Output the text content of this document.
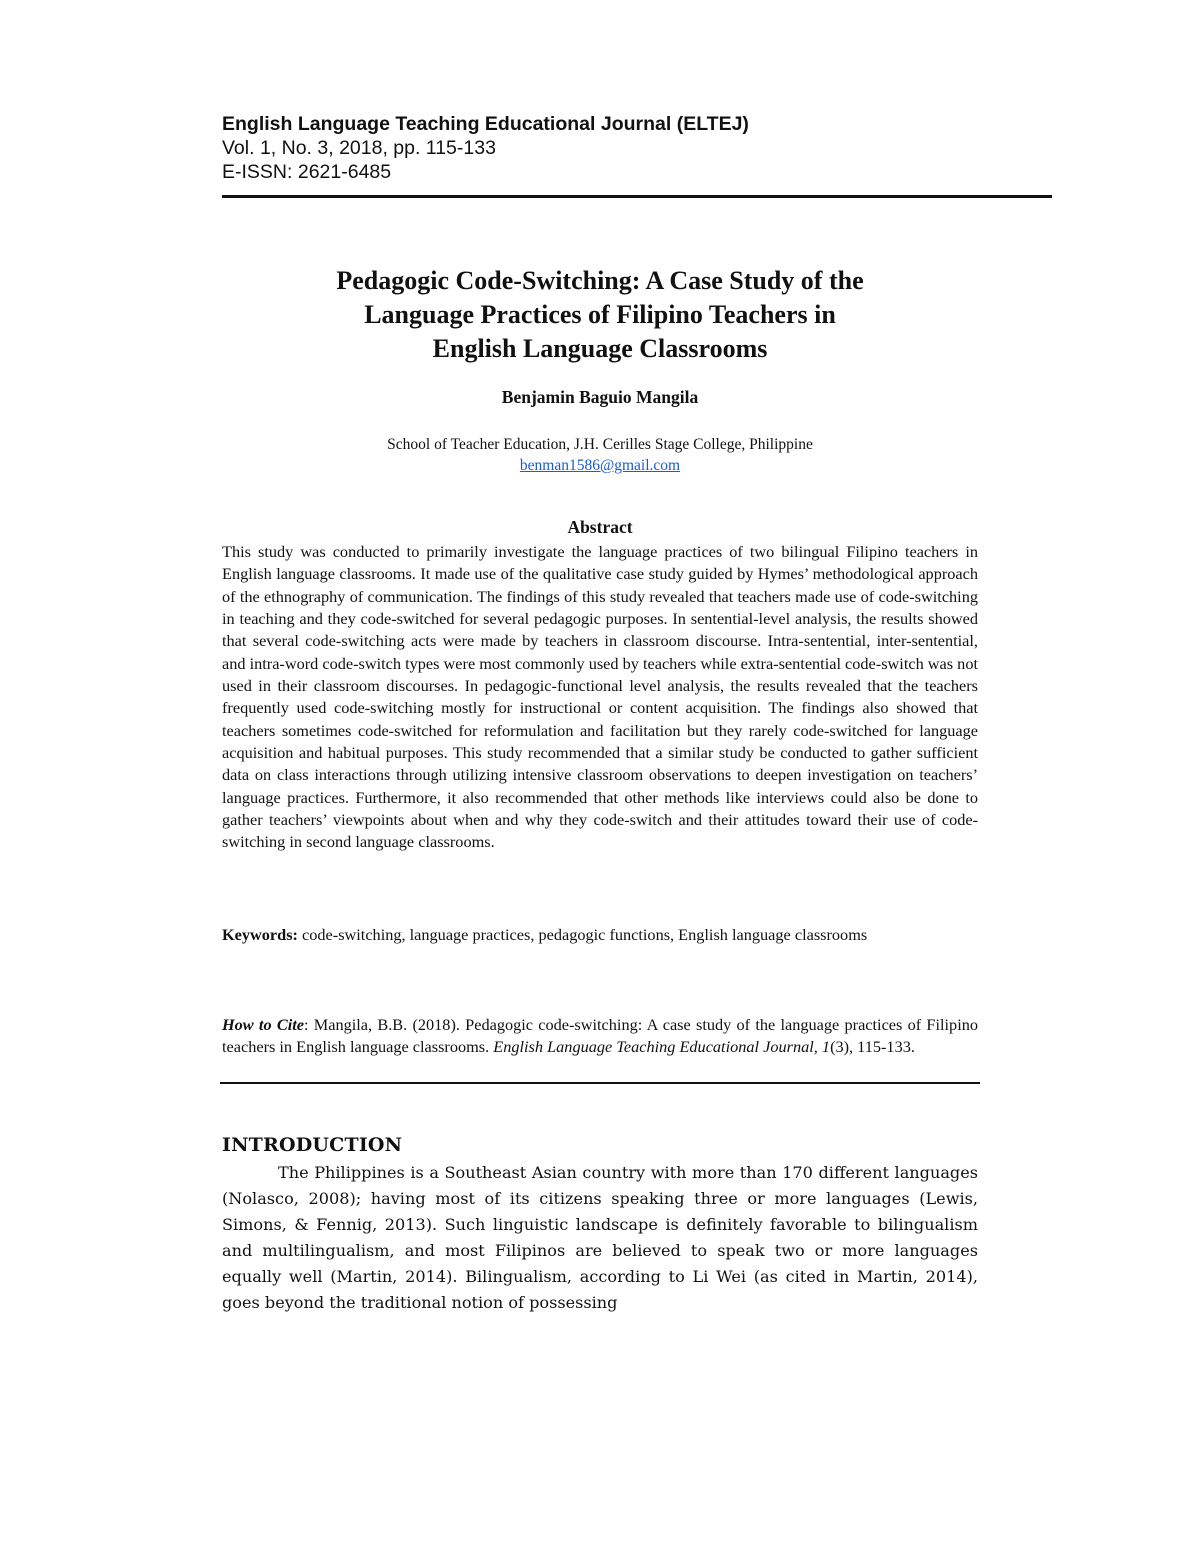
English Language Teaching Educational Journal (ELTEJ)
Vol. 1, No. 3, 2018, pp. 115-133
E-ISSN: 2621-6485
Pedagogic Code-Switching: A Case Study of the
Language Practices of Filipino Teachers in
English Language Classrooms
Benjamin Baguio Mangila
School of Teacher Education, J.H. Cerilles Stage College, Philippine
benman1586@gmail.com
Abstract

This study was conducted to primarily investigate the language practices of two bilingual Filipino teachers in English language classrooms. It made use of the qualitative case study guided by Hymes’ methodological approach of the ethnography of communication. The findings of this study revealed that teachers made use of code-switching in teaching and they code-switched for several pedagogic purposes. In sentential-level analysis, the results showed that several code-switching acts were made by teachers in classroom discourse. Intra-sentential, inter-sentential, and intra-word code-switch types were most commonly used by teachers while extra-sentential code-switch was not used in their classroom discourses. In pedagogic-functional level analysis, the results revealed that the teachers frequently used code-switching mostly for instructional or content acquisition. The findings also showed that teachers sometimes code-switched for reformulation and facilitation but they rarely code-switched for language acquisition and habitual purposes. This study recommended that a similar study be conducted to gather sufficient data on class interactions through utilizing intensive classroom observations to deepen investigation on teachers’ language practices. Furthermore, it also recommended that other methods like interviews could also be done to gather teachers’ viewpoints about when and why they code-switch and their attitudes toward their use of code-switching in second language classrooms.

Keywords: code-switching, language practices, pedagogic functions, English language classrooms

How to Cite: Mangila, B.B. (2018). Pedagogic code-switching: A case study of the language practices of Filipino teachers in English language classrooms. English Language Teaching Educational Journal, 1(3), 115-133.

INTRODUCTION

The Philippines is a Southeast Asian country with more than 170 different languages (Nolasco, 2008); having most of its citizens speaking three or more languages (Lewis, Simons, & Fennig, 2013). Such linguistic landscape is definitely favorable to bilingualism and multilingualism, and most Filipinos are believed to speak two or more languages equally well (Martin, 2014). Bilingualism, according to Li Wei (as cited in Martin, 2014), goes beyond the traditional notion of possessing
